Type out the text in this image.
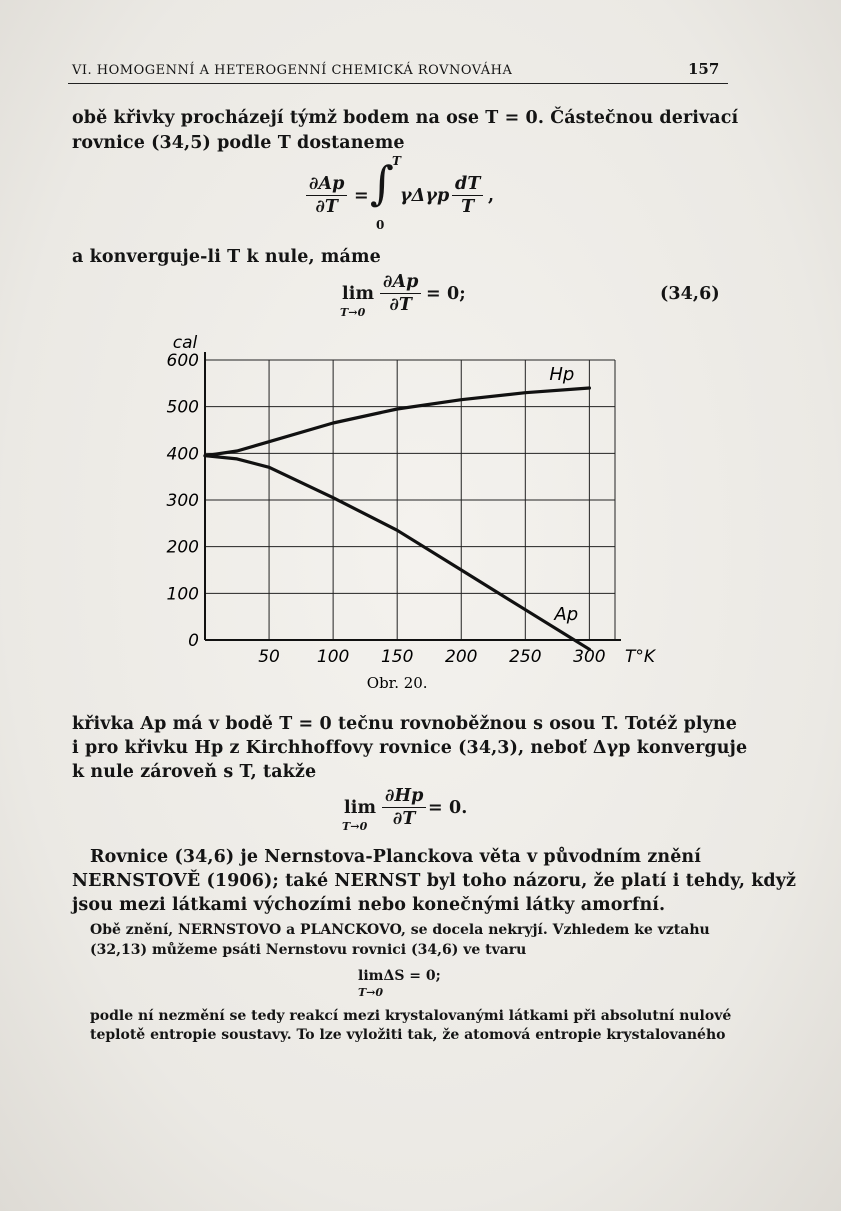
VI. HOMOGENNÍ A HETEROGENNÍ CHEMICKÁ ROVNOVÁHA	157
obě křivky procházejí týmž bodem na ose T = 0. Částečnou derivací
rovnice (34,5) podle T dostaneme
$\frac{\partial Ap}{\partial T}$ =
T
∫
0
γΔγp $\frac{dT}{T}$ ,
a konverguje-li T k nule, máme
lim
$T\to 0 \frac{\partial Ap}{\partial T} = 0$;	(34,6)
0
100
200
300
400
500
600
50 100 150 200 250 300
cal
T°K
Hp
Ap
Obr. 20.
křivka Ap má v bodě T = 0 tečnu rovnoběžnou s osou T. Totéž plyne
i pro křivku Hp z Kirchhoffovy rovnice (34,3), neboť Δγp konverguje
k nule zároveň s T, takže
lim
$T\to 0 \frac{\partial Hp}{\partial T} = 0$.
Rovnice (34,6) je Nernstova-Planckova věta v původním znění
NERNSTOVĚ (1906); také NERNST byl toho názoru, že platí i tehdy, když
jsou mezi látkami výchozími nebo konečnými látky amorfní.
Obě znění, NERNSTOVO a PLANCKOVO, se docela nekryjí. Vzhledem ke vztahu
(32,13) můžeme psáti Nernstovu rovnici (34,6) ve tvaru
limΔS = 0;
T→0
podle ní nezmění se tedy reakcí mezi krystalovanými látkami při absolutní nulové
teplotě entropie soustavy. To lze vyložiti tak, že atomová entropie krystalovaného
